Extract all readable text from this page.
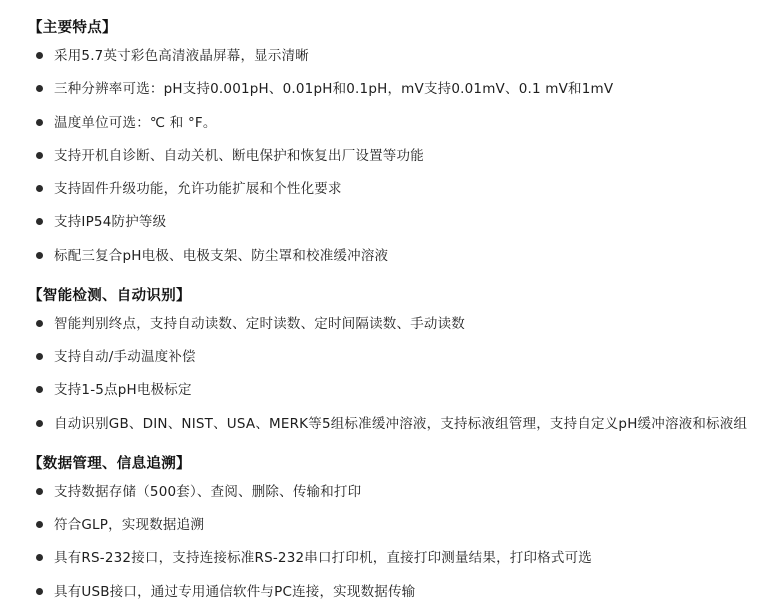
【主要特点】
采用5.7英寸彩色高清液晶屏幕，显示清晰
三种分辨率可选：pH支持0.001pH、0.01pH和0.1pH，mV支持0.01mV、0.1 mV和1mV
温度单位可选：℃ 和 °F。
支持开机自诊断、自动关机、断电保护和恢复出厂设置等功能
支持固件升级功能，允许功能扩展和个性化要求
支持IP54防护等级
标配三复合pH电极、电极支架、防尘罩和校准缓冲溶液
【智能检测、自动识别】
智能判别终点，支持自动读数、定时读数、定时间隔读数、手动读数
支持自动/手动温度补偿
支持1-5点pH电极标定
自动识别GB、DIN、NIST、USA、MERK等5组标准缓冲溶液，支持标液组管理，支持自定义pH缓冲溶液和标液组
【数据管理、信息追溯】
支持数据存储（500套）、查阅、删除、传输和打印
符合GLP，实现数据追溯
具有RS-232接口，支持连接标准RS-232串口打印机，直接打印测量结果，打印格式可选
具有USB接口，通过专用通信软件与PC连接，实现数据传输
